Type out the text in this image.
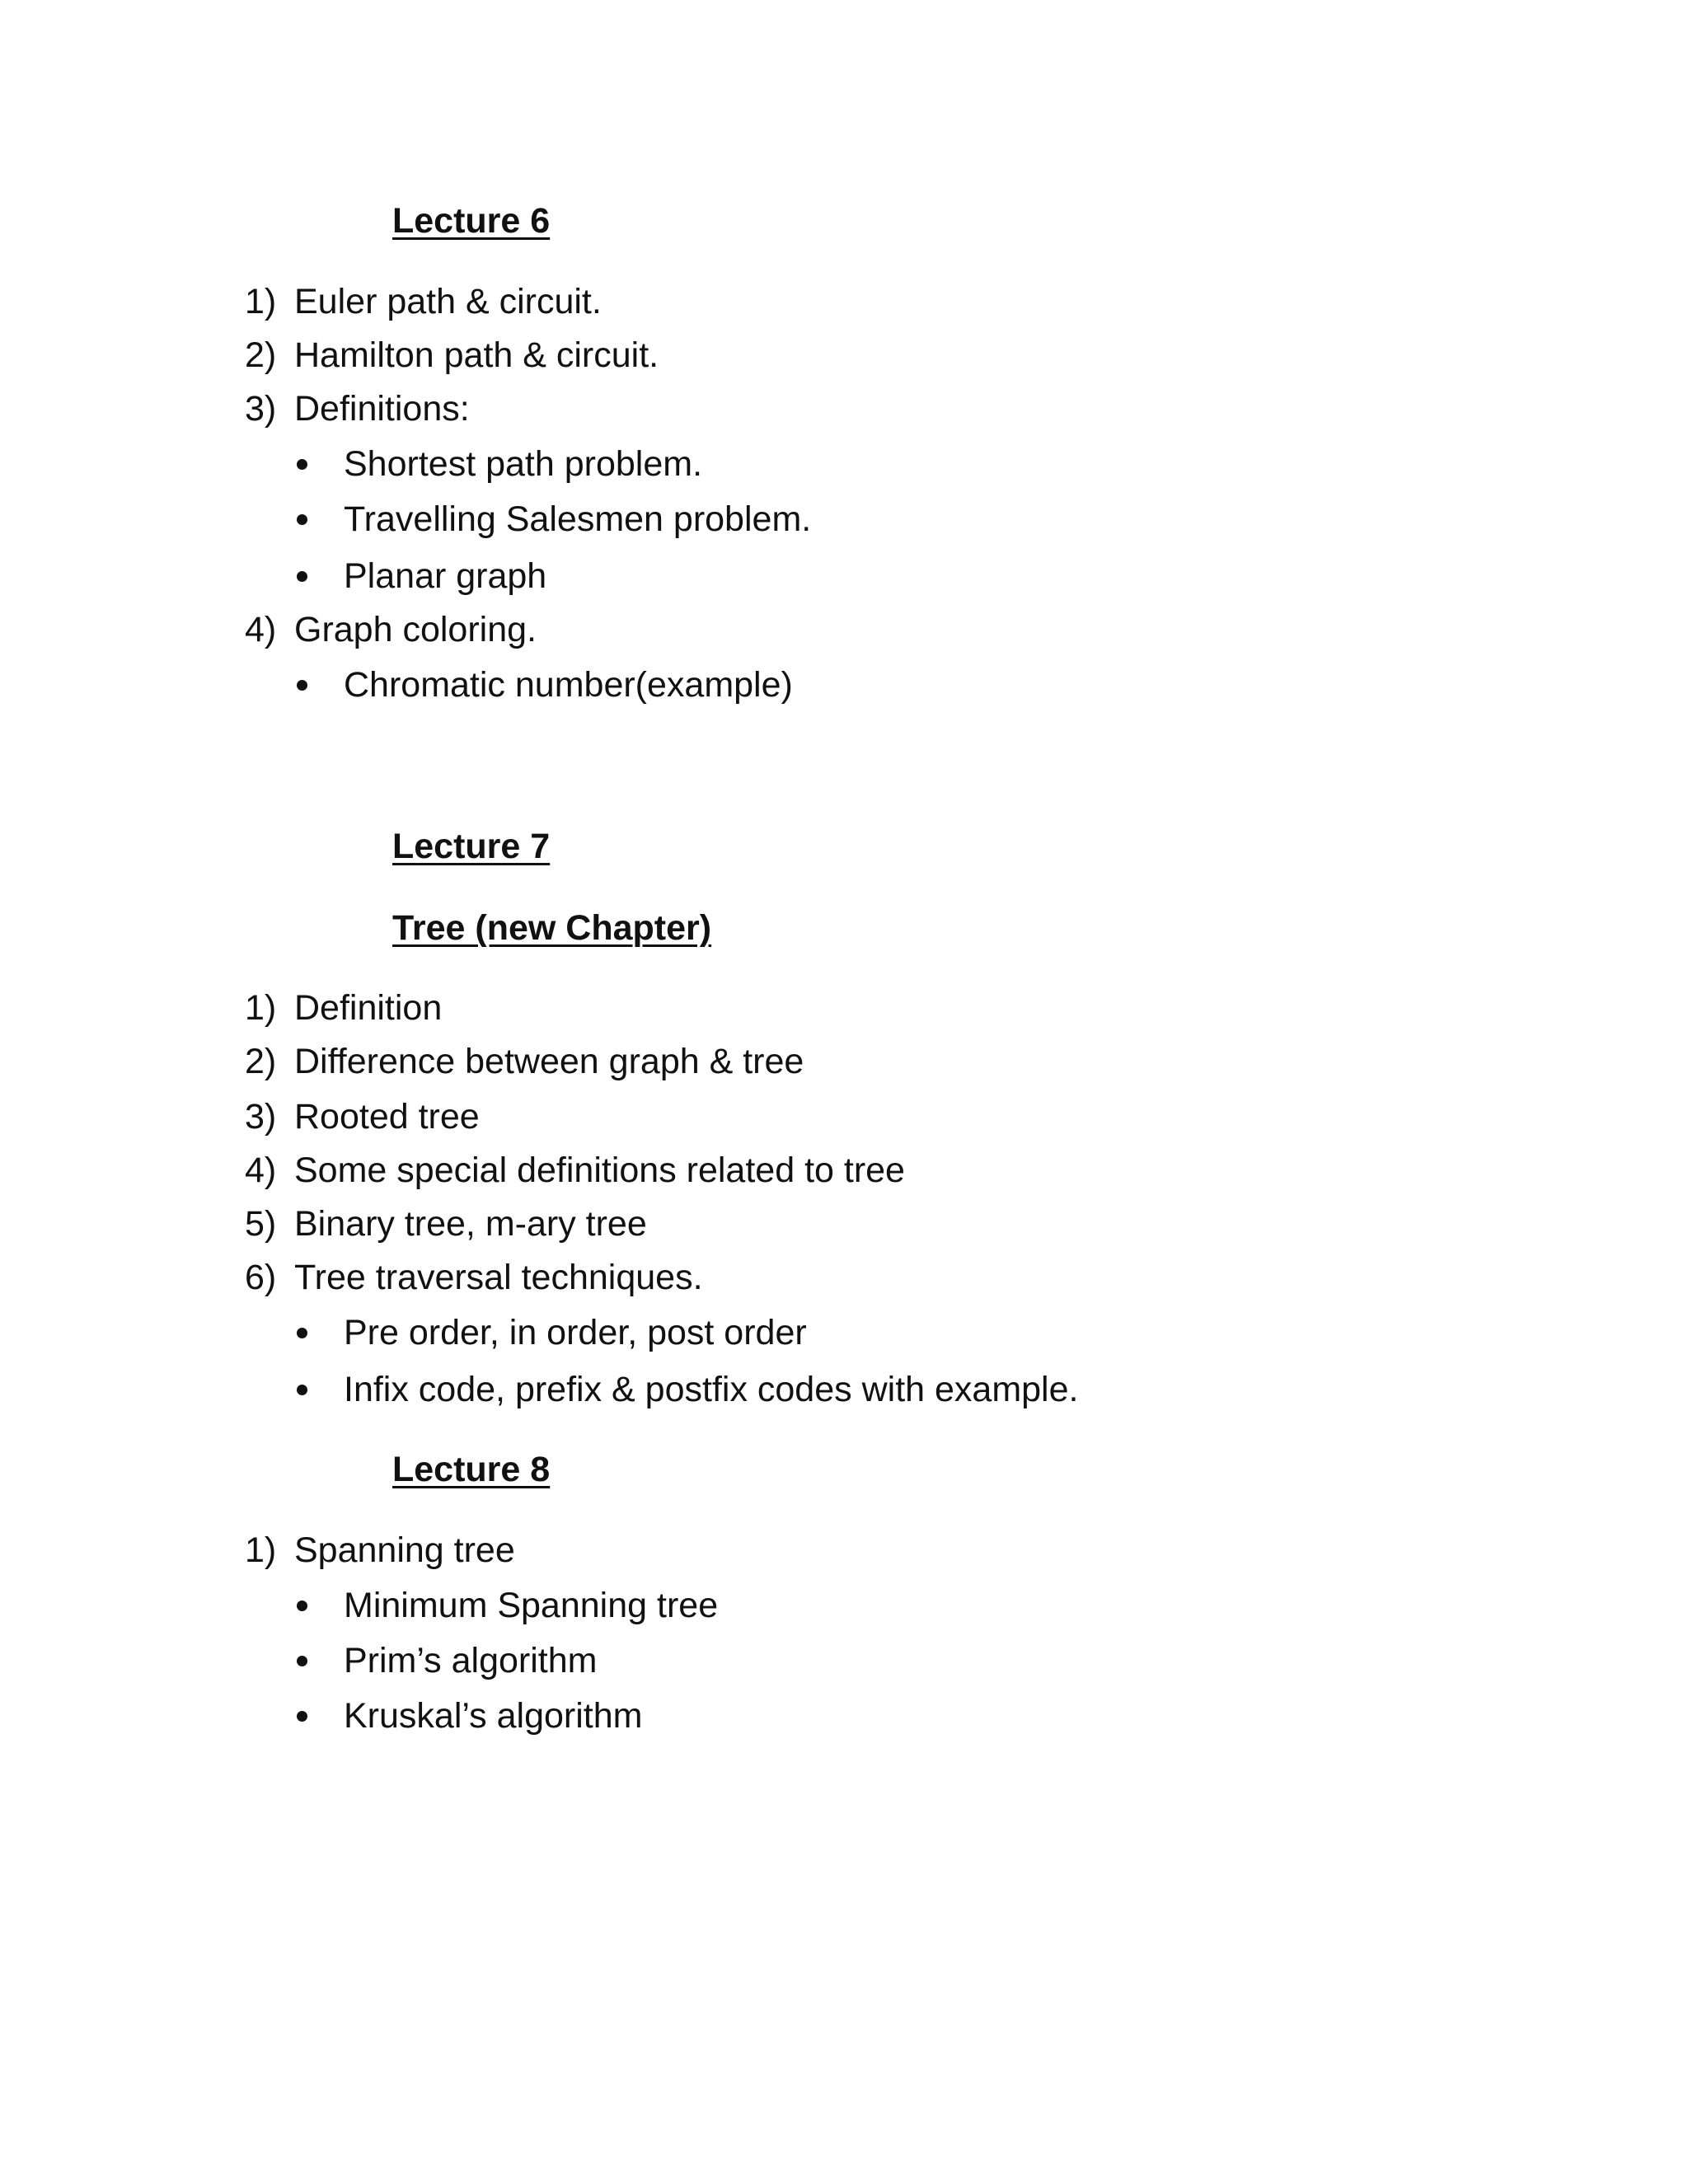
Lecture 6
1) Euler path & circuit.
2) Hamilton path & circuit.
3) Definitions:
Shortest path problem.
Travelling Salesmen problem.
Planar graph
4) Graph coloring.
Chromatic number(example)
Lecture 7
Tree (new Chapter)
1) Definition
2) Difference between graph & tree
3) Rooted tree
4) Some special definitions related to tree
5) Binary tree, m-ary tree
6) Tree traversal techniques.
Pre order, in order, post order
Infix code, prefix & postfix codes with example.
Lecture 8
1) Spanning tree
Minimum Spanning tree
Prim’s algorithm
Kruskal’s algorithm
